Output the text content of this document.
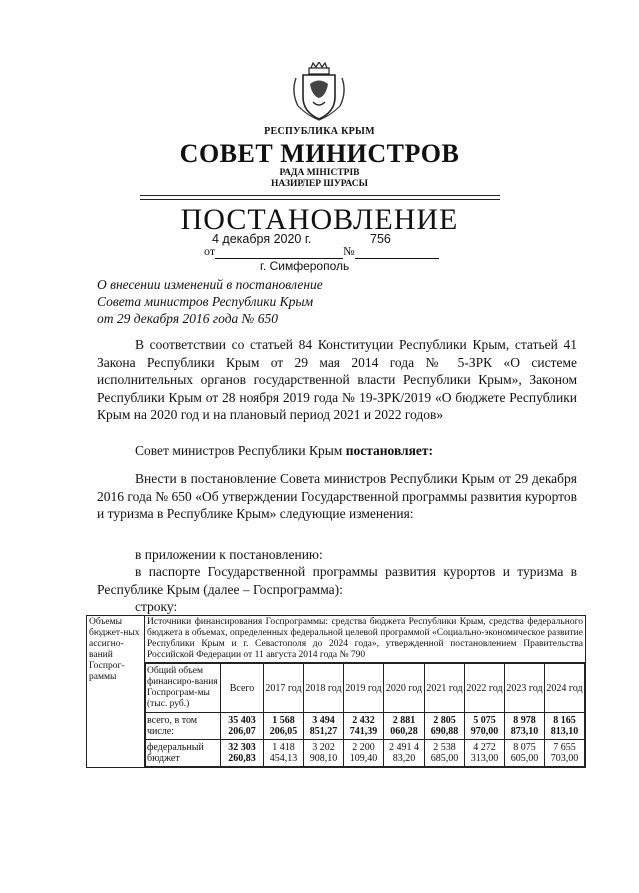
РЕСПУБЛИКА КРЫМ
СОВЕТ МИНИСТРОВ
РАДА МІНІСТРІВ
НАЗИРЛЕР ШУРАСЫ
ПОСТАНОВЛЕНИЕ
4 декабря 2020 г.	756
от	№
г. Симферополь
О внесении изменений в постановление
Совета министров Республики Крым
от 29 декабря 2016 года № 650
В соответствии со статьей 84 Конституции Республики Крым, статьей 41 Закона Республики Крым от 29 мая 2014 года № 5-ЗРК «О системе исполнительных органов государственной власти Республики Крым», Законом Республики Крым от 28 ноября 2019 года № 19-ЗРК/2019 «О бюджете Республики Крым на 2020 год и на плановый период 2021 и 2022 годов»
Совет министров Республики Крым постановляет:
Внести в постановление Совета министров Республики Крым от 29 декабря 2016 года № 650 «Об утверждении Государственной программы развития курортов и туризма в Республике Крым» следующие изменения:
в приложении к постановлению:
в паспорте Государственной программы развития курортов и туризма в Республике Крым (далее – Госпрограмма):
строку:
Объемы бюджет-ных ассигно-ваний Госпрог-раммы	Источники финансирования Госпрограммы: средства бюджета Республики Крым, средства федерального бюджета в объемах, определенных федеральной целевой программой «Социально-экономическое развитие Республики Крым и г. Севастополя до 2024 года», утвержденной постановлением Правительства Российской Федерации от 11 августа 2014 года № 790

Общий объем финансиро-вания Госпрограм-мы (тыс. руб.)	Всего	2017 год	2018 год	2019 год	2020 год	2021 год	2022 год	2023 год	2024 год
всего, в том числе:	35 403 206,07	1 568 206,05	3 494 851,27	2 432 741,39	2 881 060,28	2 805 690,88	5 075 970,00	8 978 873,10	8 165 813,10
федеральный бюджет	32 303 260,83	1 418 454,13	3 202 908,10	2 200 109,40	2 491 4 83,20	2 538 685,00	4 272 313,00	8 075 605,00	7 655 703,00
